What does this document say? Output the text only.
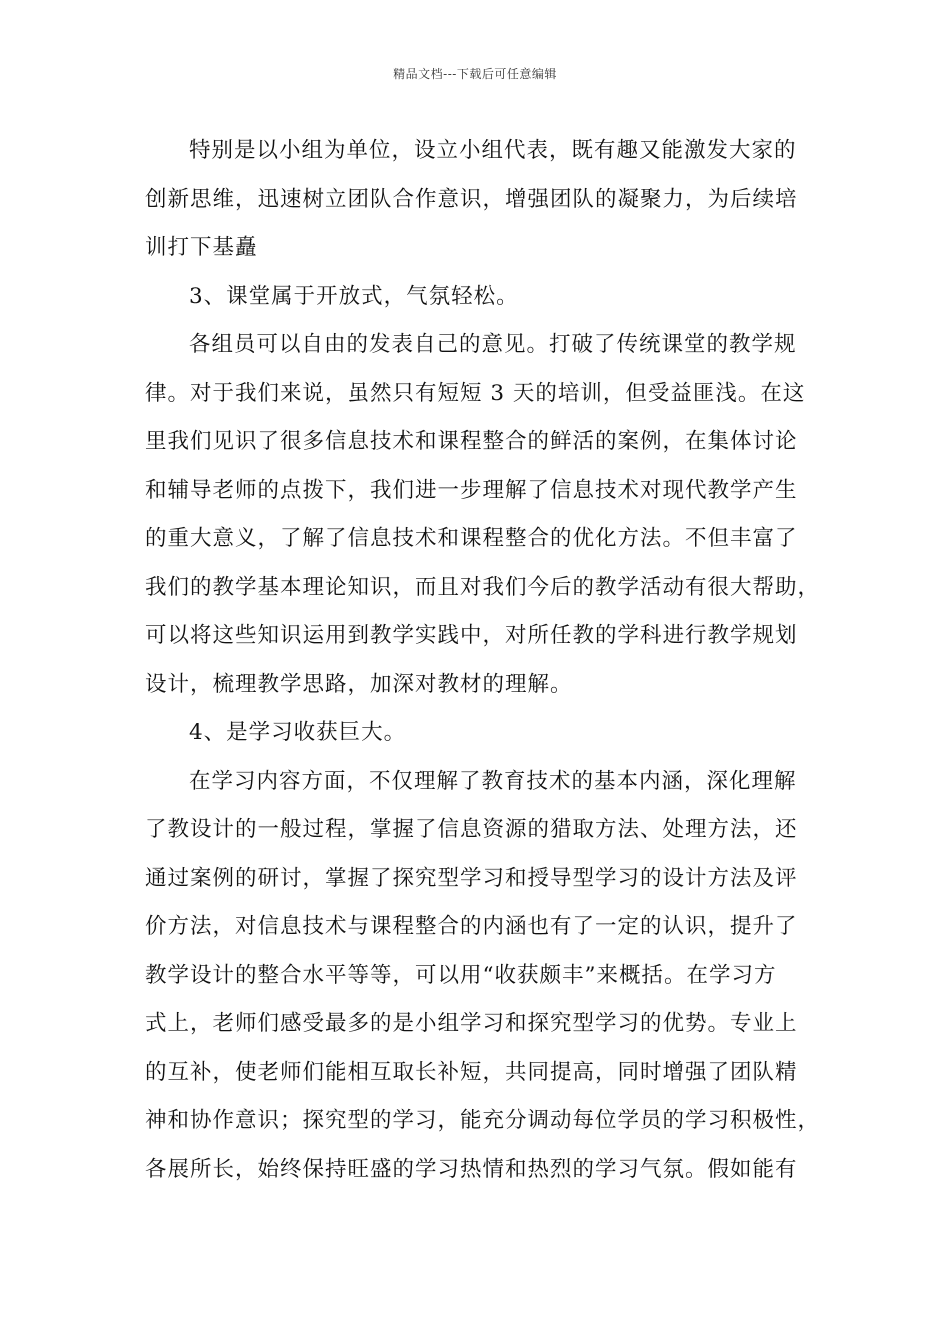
精品文档---下载后可任意编辑
特别是以小组为单位，设立小组代表，既有趣又能激发大家的
创新思维，迅速树立团队合作意识，增强团队的凝聚力，为后续培
训打下基矗
3、课堂属于开放式，气氛轻松。
各组员可以自由的发表自己的意见。打破了传统课堂的教学规
律。对于我们来说，虽然只有短短 3 天的培训，但受益匪浅。在这
里我们见识了很多信息技术和课程整合的鲜活的案例，在集体讨论
和辅导老师的点拨下，我们进一步理解了信息技术对现代教学产生
的重大意义，了解了信息技术和课程整合的优化方法。不但丰富了
我们的教学基本理论知识，而且对我们今后的教学活动有很大帮助，
可以将这些知识运用到教学实践中，对所任教的学科进行教学规划
设计，梳理教学思路，加深对教材的理解。
4、是学习收获巨大。
在学习内容方面，不仅理解了教育技术的基本内涵，深化理解
了教设计的一般过程，掌握了信息资源的猎取方法、处理方法，还
通过案例的研讨，掌握了探究型学习和授导型学习的设计方法及评
价方法，对信息技术与课程整合的内涵也有了一定的认识，提升了
教学设计的整合水平等等，可以用“收获颇丰”来概括。在学习方
式上，老师们感受最多的是小组学习和探究型学习的优势。专业上
的互补，使老师们能相互取长补短，共同提高，同时增强了团队精
神和协作意识；探究型的学习，能充分调动每位学员的学习积极性，
各展所长，始终保持旺盛的学习热情和热烈的学习气氛。假如能有
